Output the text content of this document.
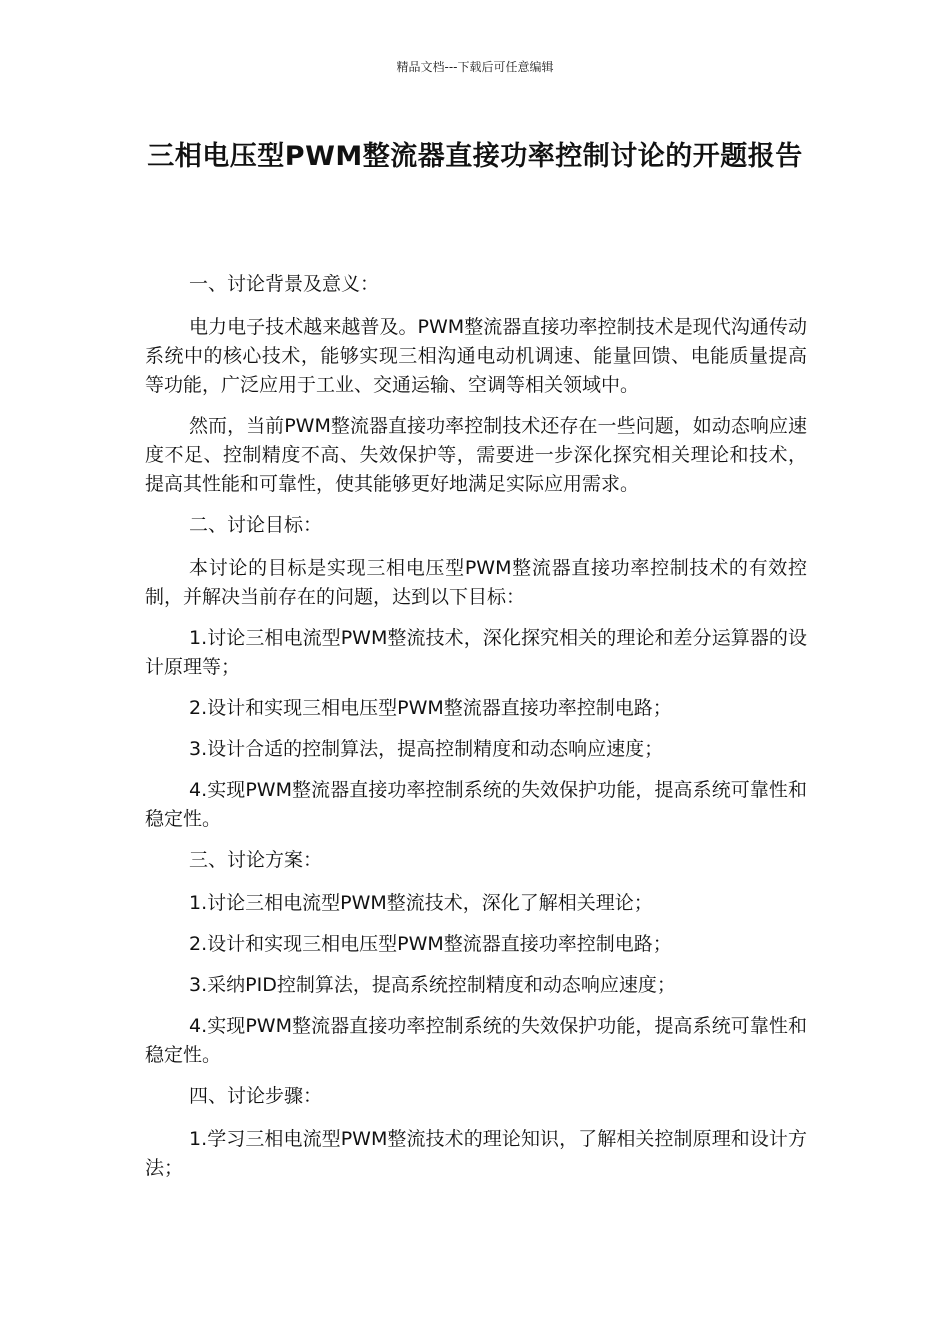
精品文档---下载后可任意编辑
三相电压型PWM整流器直接功率控制讨论的开题报告

一、讨论背景及意义：

电力电子技术越来越普及。PWM整流器直接功率控制技术是现代沟通传动系统中的核心技术，能够实现三相沟通电动机调速、能量回馈、电能质量提高等功能，广泛应用于工业、交通运输、空调等相关领域中。

然而，当前PWM整流器直接功率控制技术还存在一些问题，如动态响应速度不足、控制精度不高、失效保护等，需要进一步深化探究相关理论和技术，提高其性能和可靠性，使其能够更好地满足实际应用需求。

二、讨论目标：

本讨论的目标是实现三相电压型PWM整流器直接功率控制技术的有效控制，并解决当前存在的问题，达到以下目标：

1.讨论三相电流型PWM整流技术，深化探究相关的理论和差分运算器的设计原理等；

2.设计和实现三相电压型PWM整流器直接功率控制电路；

3.设计合适的控制算法，提高控制精度和动态响应速度；

4.实现PWM整流器直接功率控制系统的失效保护功能，提高系统可靠性和稳定性。

三、讨论方案：

1.讨论三相电流型PWM整流技术，深化了解相关理论；

2.设计和实现三相电压型PWM整流器直接功率控制电路；

3.采纳PID控制算法，提高系统控制精度和动态响应速度；

4.实现PWM整流器直接功率控制系统的失效保护功能，提高系统可靠性和稳定性。

四、讨论步骤：

1.学习三相电流型PWM整流技术的理论知识，了解相关控制原理和设计方法；
